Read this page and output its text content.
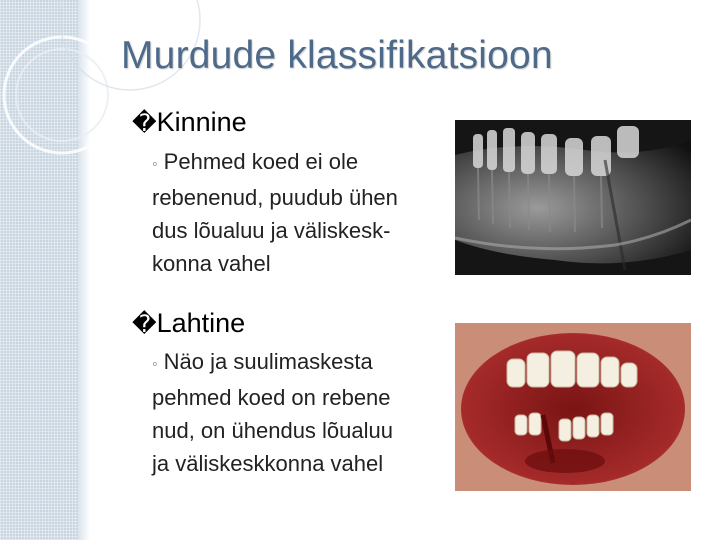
Murdude klassifikatsioon
�Kinnine
◦ Pehmed koed ei ole
rebenenud, puudub ühen
dus lõualuu ja väliskesk-
konna vahel
�Lahtine
◦ Näo ja suulimaskesta
pehmed koed on rebene
nud, on ühendus lõualuu
ja väliskeskkonna vahel
